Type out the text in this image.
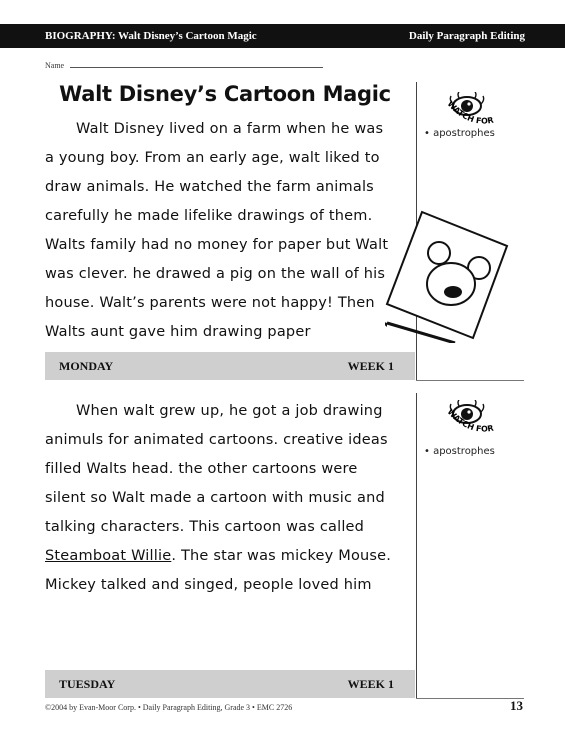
BIOGRAPHY: Walt Disney’s Cartoon Magic	Daily Paragraph Editing
Name
Walt Disney’s Cartoon Magic
Walt Disney lived on a farm when he was
a young boy. From an early age, walt liked to
draw animals. He watched the farm animals
carefully he made lifelike drawings of them.
Walts family had no money for paper but Walt
was clever. he drawed a pig on the wall of his
house. Walt’s parents were not happy! Then
Walts aunt gave him drawing paper
WATCH FOR
• apostrophes
MONDAY	WEEK 1
When walt grew up, he got a job drawing
animuls for animated cartoons. creative ideas
filled Walts head. the other cartoons were
silent so Walt made a cartoon with music and
talking characters. This cartoon was called
Steamboat Willie. The star was mickey Mouse.
Mickey talked and singed, people loved him
WATCH FOR
• apostrophes
TUESDAY	WEEK 1
©2004 by Evan-Moor Corp. • Daily Paragraph Editing, Grade 3 • EMC 2726	13
